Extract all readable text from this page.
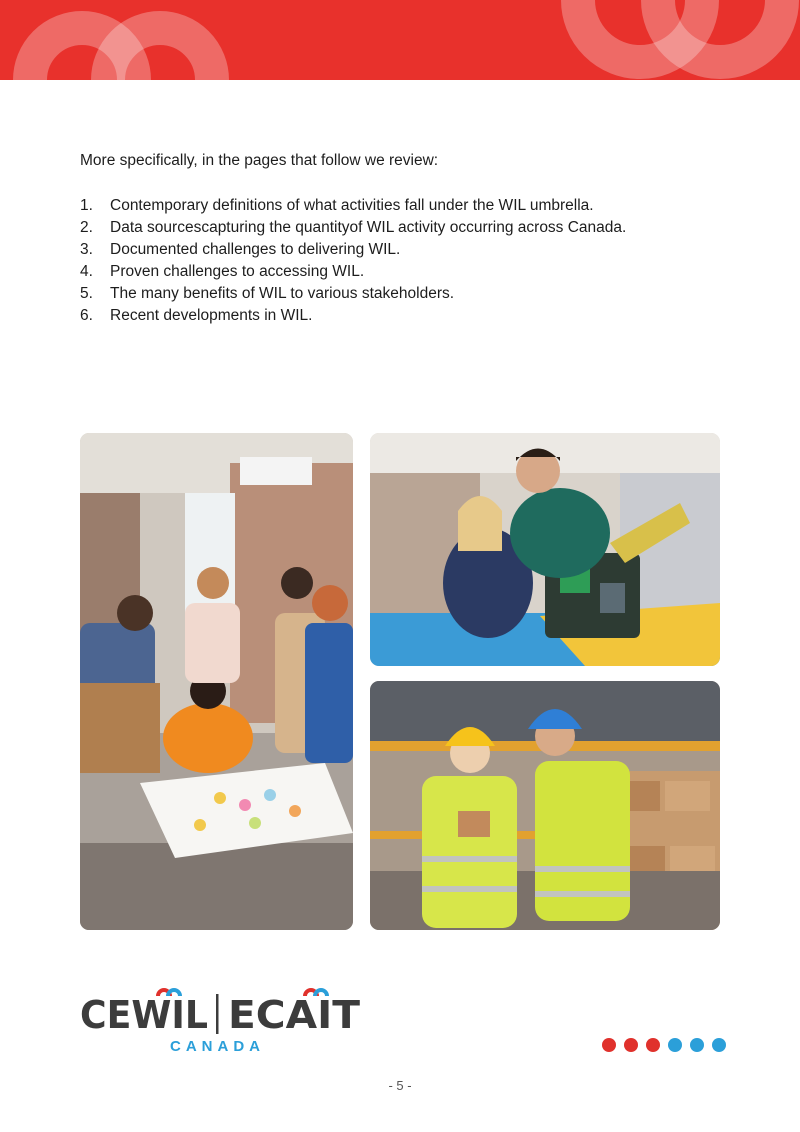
More specifically, in the pages that follow we review:

1.	Contemporary definitions of what activities fall under the WIL umbrella.
2.	Data sourcescapturing the quantityof WIL activity occurring across Canada.
3.	Documented challenges to delivering WIL.
4.	Proven challenges to accessing WIL.
5.	The many benefits of WIL to various stakeholders.
6.	Recent developments in WIL.
CEWIL ECAIT
CANADA
- 5 -
